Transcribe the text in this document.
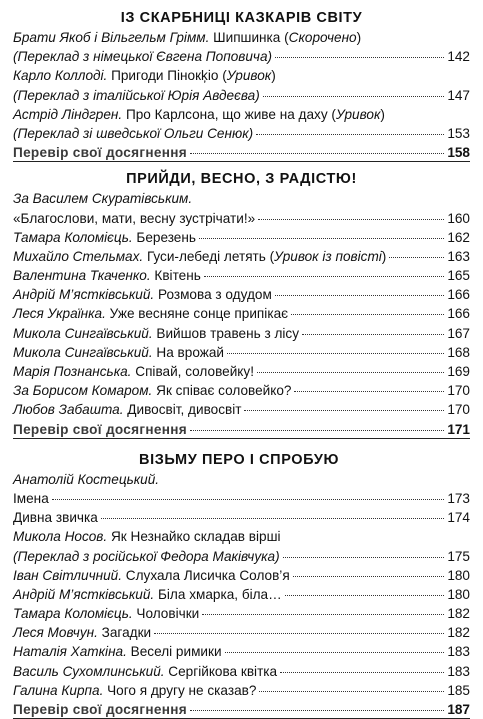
ІЗ СКАРБНИЦІ КАЗКАРІВ СВІТУ
Брати Якоб і Вільгельм Грімм. Шипшинка (Скорочено)
(Переклад з німецької Євгена Поповича)	142
Карло Коллоді. Пригоди Пінокķіо (Уривок)
(Переклад з італійської Юрія Авдеєва)	147
Астрід Ліндгрен. Про Карлсона, що живе на даху (Уривок)
(Переклад зі шведської Ольги Сенюк)	153
Перевір свої досягнення	158
ПРИЙДИ, ВЕСНО, З РАДІСТЮ!
За Василем Скуратівським.
«Благослови, мати, весну зустрічати!»	160
Тамара Коломієць. Березень	162
Михайло Стельмах. Гуси-лебеді летять (Уривок із повісті)	163
Валентина Ткаченко. Квітень	165
Андрій М’ястківський. Розмова з одудом	166
Леся Українка. Уже весняне сонце припікає	166
Микола Сингаївський. Вийшов травень з лісу	167
Микола Сингаївський. На врожай	168
Марія Познанська. Співай, соловейку!	169
За Борисом Комаром. Як співає соловейко?	170
Любов Забашта. Дивосвіт, дивосвіт	170
Перевір свої досягнення	171
ВІЗЬМУ ПЕРО І СПРОБУЮ
Анатолій Костецький.
Імена	173
Дивна звичка	174
Микола Носов. Як Незнайко складав вірші
(Переклад з російської Федора Маківчука)	175
Іван Світличний. Слухала Лисичка Солов’я	180
Андрій М’ястківський. Біла хмарка, біла…	180
Тамара Коломієць. Чоловічки	182
Леся Мовчун. Загадки	182
Наталія Хаткіна. Веселі римики	183
Василь Сухомлинський. Сергійкова квітка	183
Галина Кирпа. Чого я другу не сказав?	185
Перевір свої досягнення	187
